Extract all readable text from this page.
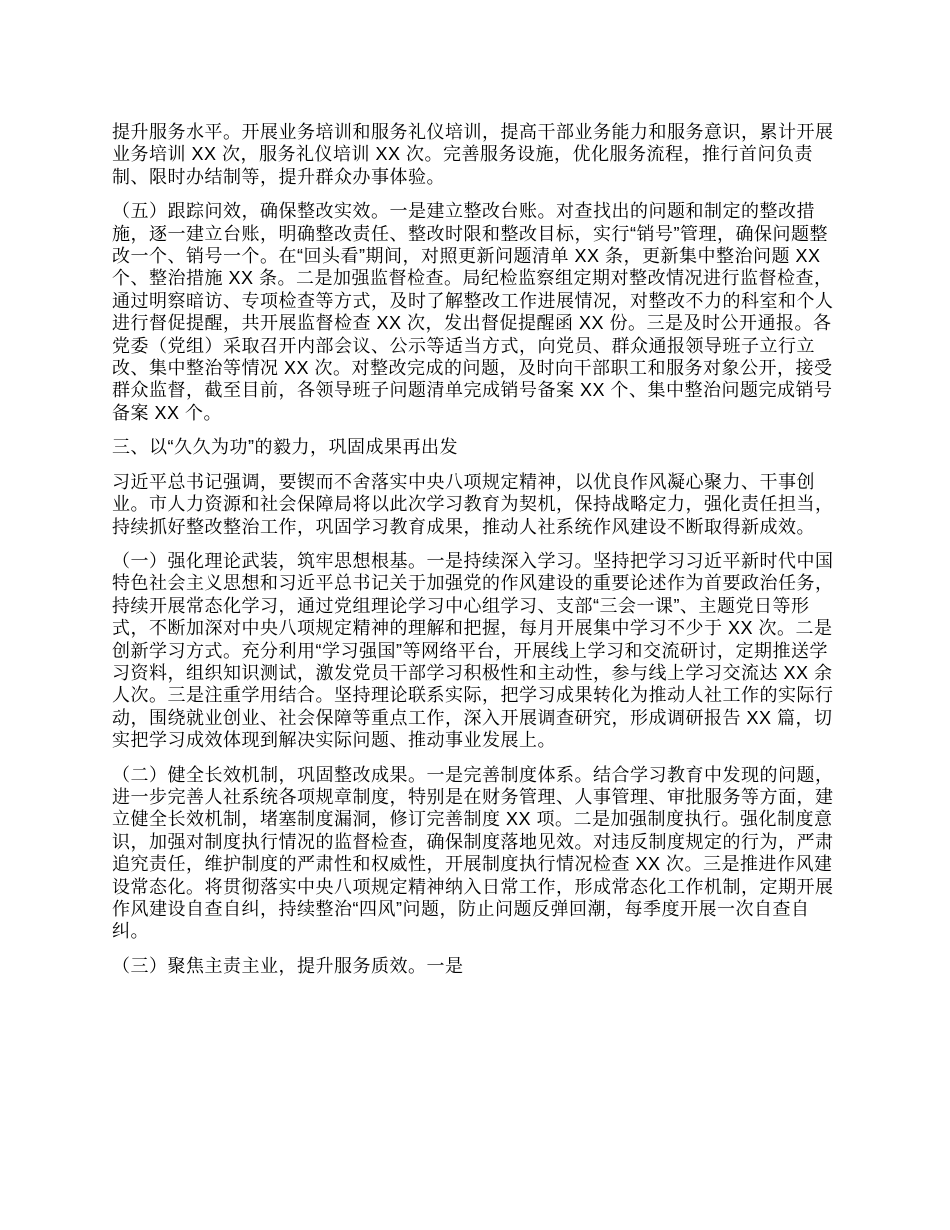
提升服务水平。开展业务培训和服务礼仪培训，提高干部业务能力和服务意识，累计开展业务培训 XX 次，服务礼仪培训 XX 次。完善服务设施，优化服务流程，推行首问负责制、限时办结制等，提升群众办事体验。

（五）跟踪问效，确保整改实效。一是建立整改台账。对查找出的问题和制定的整改措施，逐一建立台账，明确整改责任、整改时限和整改目标，实行“销号”管理，确保问题整改一个、销号一个。在“回头看”期间，对照更新问题清单 XX 条，更新集中整治问题 XX 个、整治措施 XX 条。二是加强监督检查。局纪检监察组定期对整改情况进行监督检查，通过明察暗访、专项检查等方式，及时了解整改工作进展情况，对整改不力的科室和个人进行督促提醒，共开展监督检查 XX 次，发出督促提醒函 XX 份。三是及时公开通报。各党委（党组）采取召开内部会议、公示等适当方式，向党员、群众通报领导班子立行立改、集中整治等情况 XX 次。对整改完成的问题，及时向干部职工和服务对象公开，接受群众监督，截至目前，各领导班子问题清单完成销号备案 XX 个、集中整治问题完成销号备案 XX 个。

三、以“久久为功”的毅力，巩固成果再出发

习近平总书记强调，要锲而不舍落实中央八项规定精神，以优良作风凝心聚力、干事创业。市人力资源和社会保障局将以此次学习教育为契机，保持战略定力，强化责任担当，持续抓好整改整治工作，巩固学习教育成果，推动人社系统作风建设不断取得新成效。

（一）强化理论武装，筑牢思想根基。一是持续深入学习。坚持把学习习近平新时代中国特色社会主义思想和习近平总书记关于加强党的作风建设的重要论述作为首要政治任务，持续开展常态化学习，通过党组理论学习中心组学习、支部“三会一课”、主题党日等形式，不断加深对中央八项规定精神的理解和把握，每月开展集中学习不少于 XX 次。二是创新学习方式。充分利用“学习强国”等网络平台，开展线上学习和交流研讨，定期推送学习资料，组织知识测试，激发党员干部学习积极性和主动性，参与线上学习交流达 XX 余人次。三是注重学用结合。坚持理论联系实际，把学习成果转化为推动人社工作的实际行动，围绕就业创业、社会保障等重点工作，深入开展调查研究，形成调研报告 XX 篇，切实把学习成效体现到解决实际问题、推动事业发展上。

（二）健全长效机制，巩固整改成果。一是完善制度体系。结合学习教育中发现的问题，进一步完善人社系统各项规章制度，特别是在财务管理、人事管理、审批服务等方面，建立健全长效机制，堵塞制度漏洞，修订完善制度 XX 项。二是加强制度执行。强化制度意识，加强对制度执行情况的监督检查，确保制度落地见效。对违反制度规定的行为，严肃追究责任，维护制度的严肃性和权威性，开展制度执行情况检查 XX 次。三是推进作风建设常态化。将贯彻落实中央八项规定精神纳入日常工作，形成常态化工作机制，定期开展作风建设自查自纠，持续整治“四风”问题，防止问题反弹回潮，每季度开展一次自查自纠。

（三）聚焦主责主业，提升服务质效。一是
